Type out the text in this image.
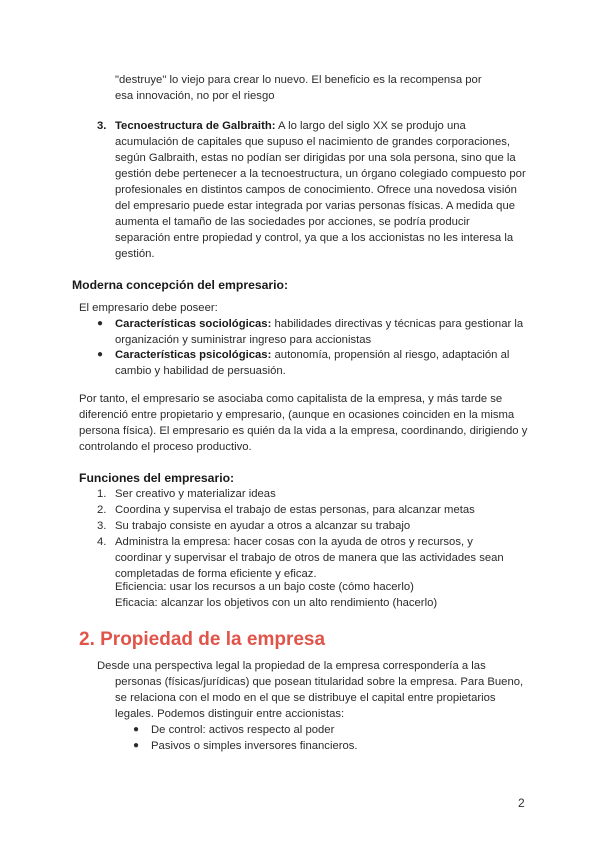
"destruye" lo viejo para crear lo nuevo. El beneficio es la recompensa por

esa innovación, no por el riesgo

3. Tecnoestructura de Galbraith: A lo largo del siglo XX se produjo una acumulación de capitales que supuso el nacimiento de grandes corporaciones, según Galbraith, estas no podían ser dirigidas por una sola persona, sino que la gestión debe pertenecer a la tecnoestructura, un órgano colegiado compuesto por profesionales en distintos campos de conocimiento. Ofrece una novedosa visión del empresario puede estar integrada por varias personas físicas. A medida que aumenta el tamaño de las sociedades por acciones, se podría producir separación entre propiedad y control, ya que a los accionistas no les interesa la gestión.

Moderna concepción del empresario:

El empresario debe poseer:

● Características sociológicas: habilidades directivas y técnicas para gestionar la organización y suministrar ingreso para accionistas
● Características psicológicas: autonomía, propensión al riesgo, adaptación al cambio y habilidad de persuasión.

Por tanto, el empresario se asociaba como capitalista de la empresa, y más tarde se diferenció entre propietario y empresario, (aunque en ocasiones coinciden en la misma persona física). El empresario es quién da la vida a la empresa, coordinando, dirigiendo y controlando el proceso productivo.

Funciones del empresario:
1. Ser creativo y materializar ideas
2. Coordina y supervisa el trabajo de estas personas, para alcanzar metas
3. Su trabajo consiste en ayudar a otros a alcanzar su trabajo
4. Administra la empresa: hacer cosas con la ayuda de otros y recursos, y coordinar y supervisar el trabajo de otros de manera que las actividades sean completadas de forma eficiente y eficaz.

Eficiencia: usar los recursos a un bajo coste (cómo hacerlo)

Eficacia: alcanzar los objetivos con un alto rendimiento (hacerlo)

2. Propiedad de la empresa
Desde una perspectiva legal la propiedad de la empresa correspondería a las
personas (físicas/jurídicas) que posean titularidad sobre la empresa. Para Bueno, se relaciona con el modo en el que se distribuye el capital entre propietarios legales. Podemos distinguir entre accionistas:
● De control: activos respecto al poder
● Pasivos o simples inversores financieros.
2
